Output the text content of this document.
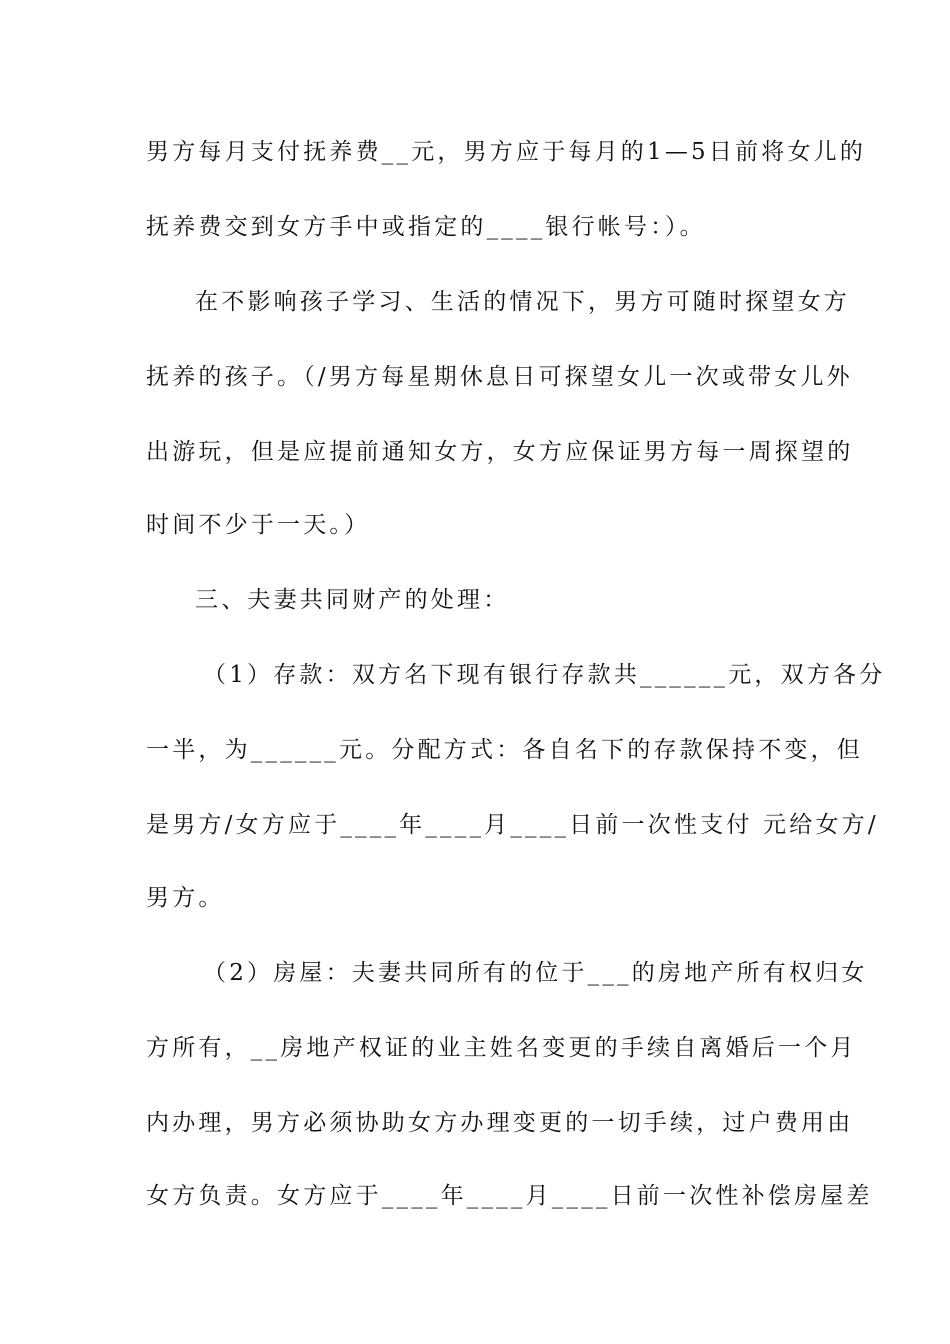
男方每月支付抚养费__元，男方应于每月的1—5日前将女儿的
抚养费交到女方手中或指定的____银行帐号：）。
在不影响孩子学习、生活的情况下，男方可随时探望女方
抚养的孩子。（/男方每星期休息日可探望女儿一次或带女儿外
出游玩，但是应提前通知女方，女方应保证男方每一周探望的
时间不少于一天。）
三、夫妻共同财产的处理：
（1）存款：双方名下现有银行存款共______元，双方各分
一半，为______元。分配方式：各自名下的存款保持不变，但
是男方/女方应于____年____月____日前一次性支付 元给女方/
男方。
（2）房屋：夫妻共同所有的位于___的房地产所有权归女
方所有，__房地产权证的业主姓名变更的手续自离婚后一个月
内办理，男方必须协助女方办理变更的一切手续，过户费用由
女方负责。女方应于____年____月____日前一次性补偿房屋差
